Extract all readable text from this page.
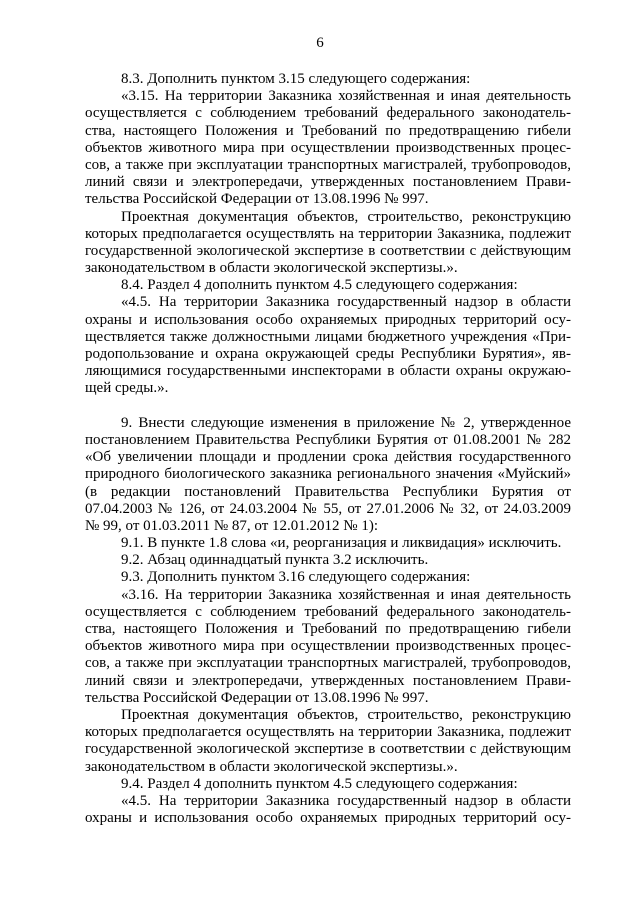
6
8.3. Дополнить пунктом 3.15 следующего содержания:
«3.15. На территории Заказника хозяйственная и иная деятельность
осуществляется с соблюдением требований федерального законодатель-
ства, настоящего Положения и Требований по предотвращению гибели
объектов животного мира при осуществлении производственных процес-
сов, а также при эксплуатации транспортных магистралей, трубопроводов,
линий связи и электропередачи, утвержденных постановлением Прави-
тельства Российской Федерации от 13.08.1996 № 997.
Проектная документация объектов, строительство, реконструкцию
которых предполагается осуществлять на территории Заказника, подлежит
государственной экологической экспертизе в соответствии с действующим
законодательством в области экологической экспертизы.».
8.4. Раздел 4 дополнить пунктом 4.5 следующего содержания:
«4.5. На территории Заказника государственный надзор в области
охраны и использования особо охраняемых природных территорий осу-
ществляется также должностными лицами бюджетного учреждения «При-
родопользование и охрана окружающей среды Республики Бурятия», яв-
ляющимися государственными инспекторами в области охраны окружаю-
щей среды.».
9. Внести следующие изменения в приложение № 2, утвержденное
постановлением Правительства Республики Бурятия от 01.08.2001 № 282
«Об увеличении площади и продлении срока действия государственного
природного биологического заказника регионального значения «Муйский»
(в редакции постановлений Правительства Республики Бурятия от
07.04.2003 № 126, от 24.03.2004 № 55, от 27.01.2006 № 32, от 24.03.2009
№ 99, от 01.03.2011 № 87, от 12.01.2012 № 1):
9.1. В пункте 1.8 слова «и, реорганизация и ликвидация» исключить.
9.2. Абзац одиннадцатый пункта 3.2 исключить.
9.3. Дополнить пунктом 3.16 следующего содержания:
«3.16. На территории Заказника хозяйственная и иная деятельность
осуществляется с соблюдением требований федерального законодатель-
ства, настоящего Положения и Требований по предотвращению гибели
объектов животного мира при осуществлении производственных процес-
сов, а также при эксплуатации транспортных магистралей, трубопроводов,
линий связи и электропередачи, утвержденных постановлением Прави-
тельства Российской Федерации от 13.08.1996 № 997.
Проектная документация объектов, строительство, реконструкцию
которых предполагается осуществлять на территории Заказника, подлежит
государственной экологической экспертизе в соответствии с действующим
законодательством в области экологической экспертизы.».
9.4. Раздел 4 дополнить пунктом 4.5 следующего содержания:
«4.5. На территории Заказника государственный надзор в области
охраны и использования особо охраняемых природных территорий осу-
